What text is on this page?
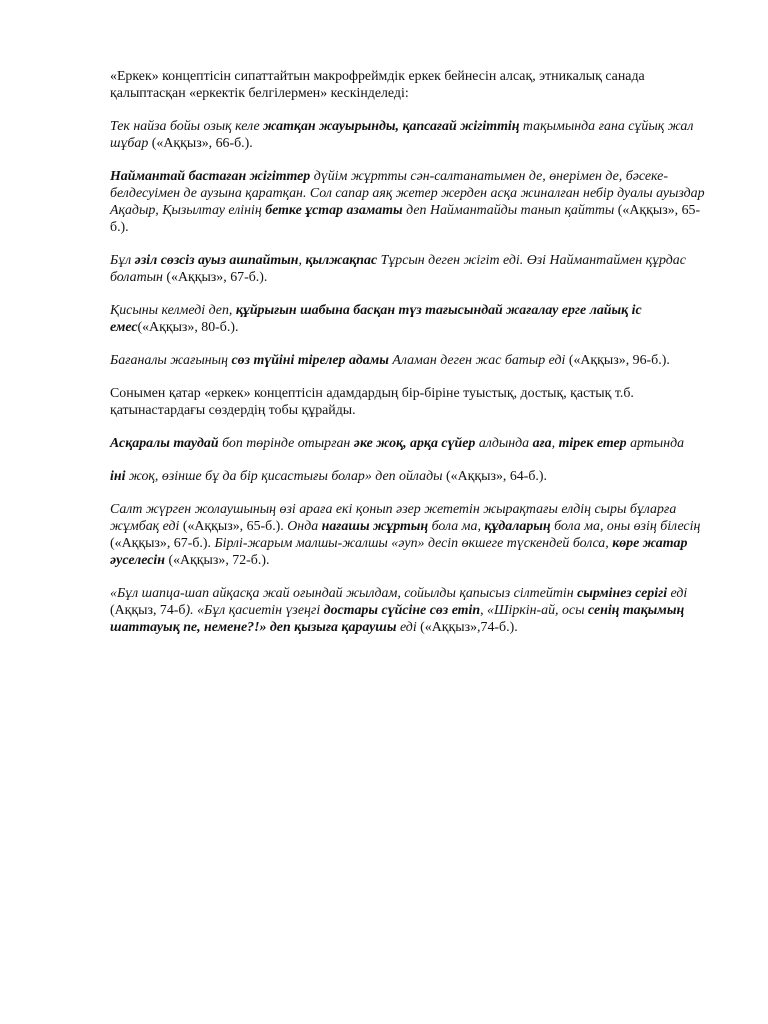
«Еркек» концептісін сипаттайтын макрофреймдік еркек бейнесін алсақ, этникалық санада қалыптасқан «еркектік белгілермен» кескінделеді:

Тек найза бойы озық келе жатқан жауырынды, қапсағай жігіттің тақымында ғана сұйық жал шұбар («Аққыз», 66-б.).

Наймантай бастаған жігіттер дүйім жұртты сән-салтанатымен де, өнерімен де, бәсеке- белдесуімен де аузына қаратқан. Сол сапар аяқ жетер жерден асқа жиналған небір дуалы ауыздар Ақадыр, Қызылтау елінің бетке ұстар азаматы деп Наймантайды танып қайтты («Аққыз», 65-б.).

Бұл әзіл сөзсіз ауыз ашпайтын, қылжақпас Тұрсын деген жігіт еді. Өзі Наймантаймен құрдас болатын («Аққыз», 67-б.).

Қисыны келмеді деп, құйрығын шабына басқан түз тағысындай жағалау ерге лайық іс емес(«Аққыз», 80-б.).

Бағаналы жағының сөз түйіні тірелер адамы Аламан деген жас батыр еді («Аққыз», 96-б.).

Сонымен қатар «еркек» концептісін адамдардың бір-біріне туыстық, достық, қастық т.б. қатынастардағы сөздердің тобы құрайды.

Асқаралы таудай боп төрінде отырған әке жоқ, арқа сүйер алдында аға, тірек етер артында

іні жоқ, өзінше бұ да бір қисастығы болар» деп ойлады («Аққыз», 64-б.).

Салт жүрген жолаушының өзі арағa екі қонып әзер жететін жырақтағы елдің сыры бұларға жұмбақ еді («Аққыз», 65-б.). Онда нағашы жұртың бола ма, құдаларың бола ма, оны өзің білесің («Аққыз», 67-б.). Бірлі-жарым малшы-жалшы «әуп» десіп өкшеге түскендей болса, көре жатар әуселесін («Аққыз», 72-б.).

«Бұл шапца-шап айқасқа жай оғындай жылдам, сойылды қапысыз сілтейтін сырмінез серігі еді (Аққыз, 74-б). «Бұл қасиетін үзеңгі достары сүйсіне сөз етіп, «Шіркін-ай, осы сенің тақымың шаттауық пе, немене?!» деп қызыға қараушы еді («Аққыз»,74-б.).
